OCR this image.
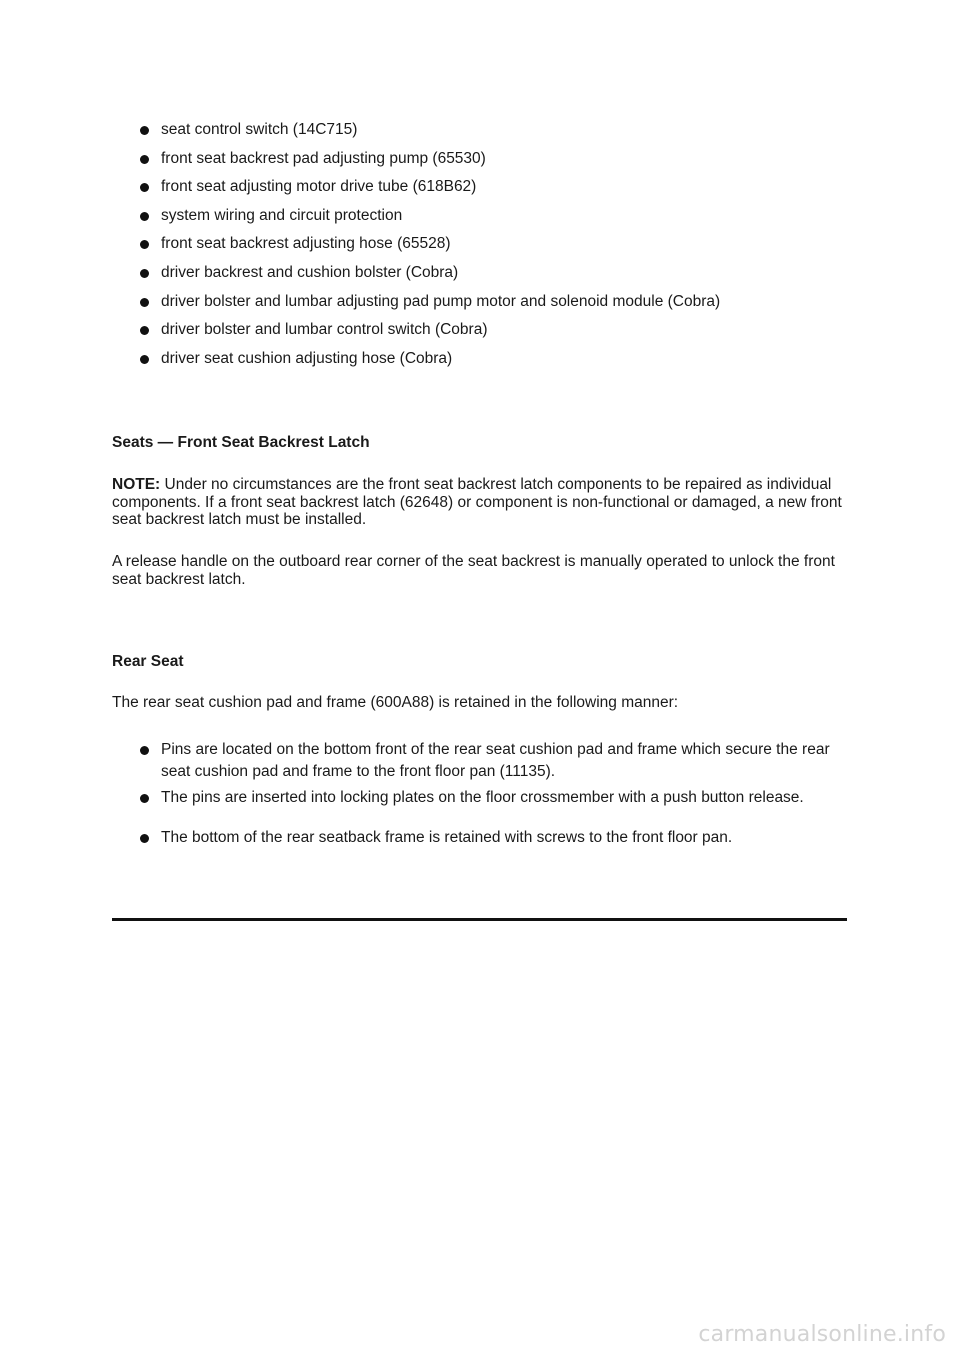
seat control switch (14C715)
front seat backrest pad adjusting pump (65530)
front seat adjusting motor drive tube (618B62)
system wiring and circuit protection
front seat backrest adjusting hose (65528)
driver backrest and cushion bolster (Cobra)
driver bolster and lumbar adjusting pad pump motor and solenoid module (Cobra)
driver bolster and lumbar control switch (Cobra)
driver seat cushion adjusting hose (Cobra)
Seats — Front Seat Backrest Latch

NOTE: Under no circumstances are the front seat backrest latch components to be repaired as individual components. If a front seat backrest latch (62648) or component is non-functional or damaged, a new front seat backrest latch must be installed.

A release handle on the outboard rear corner of the seat backrest is manually operated to unlock the front seat backrest latch.

Rear Seat

The rear seat cushion pad and frame (600A88) is retained in the following manner:

Pins are located on the bottom front of the rear seat cushion pad and frame which secure the rear seat cushion pad and frame to the front floor pan (11135).
The pins are inserted into locking plates on the floor crossmember with a push button release.
The bottom of the rear seatback frame is retained with screws to the front floor pan.
carmanualsonline.info
